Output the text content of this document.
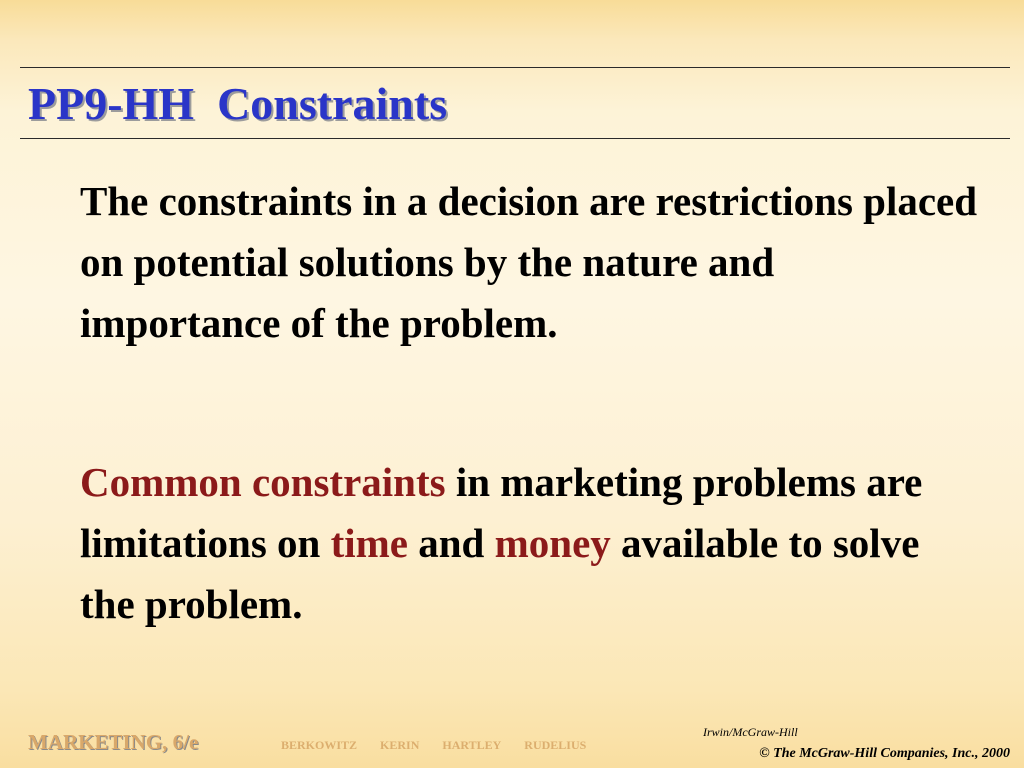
PP9-HH  Constraints

The constraints in a decision are restrictions placed on potential solutions by the nature and importance of the problem.

Common constraints in marketing problems are limitations on time and money available to solve the problem.

MARKETING, 6/e	BERKOWITZ KERIN HARTLEY RUDELIUS
Irwin/McGraw-Hill
© The McGraw-Hill Companies, Inc., 2000
